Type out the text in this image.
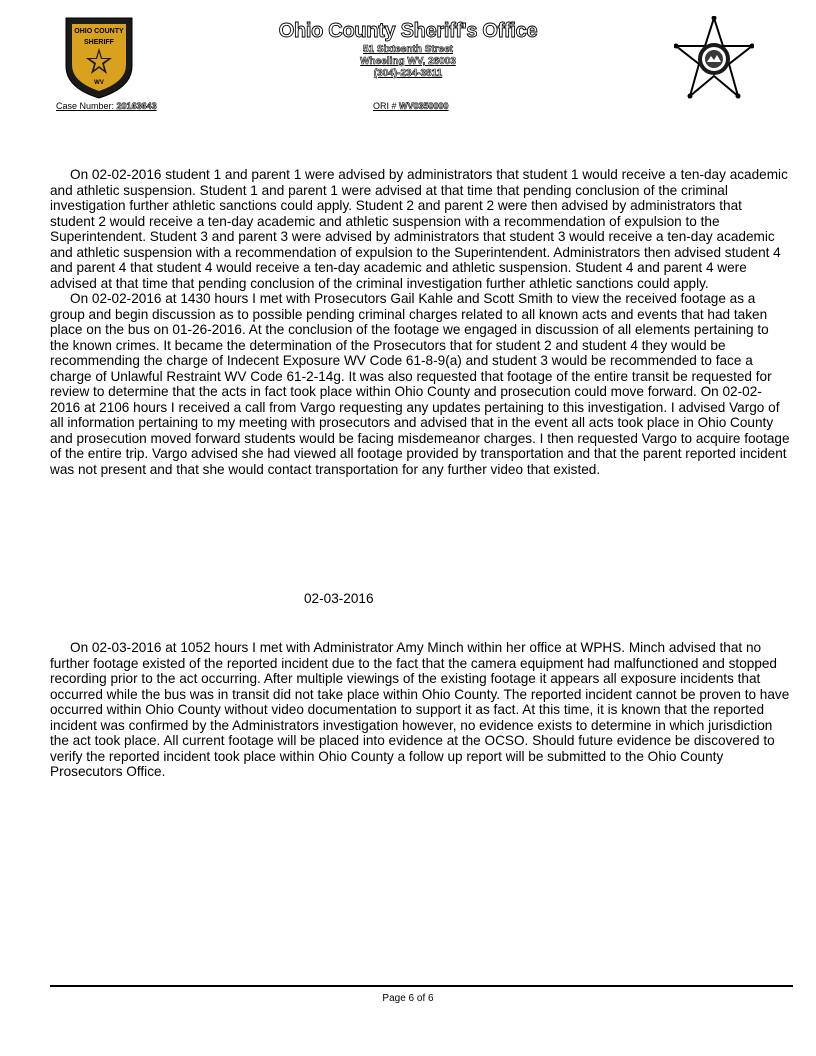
OHIO COUNTY
SHERIFF
WV
Case Number: 20163643
Ohio County Sheriff's Office
51 Sixteenth Street
Wheeling WV, 26003
(304)-234-3811
ORI # WV0350000

On 02-02-2016 student 1 and parent 1 were advised by administrators that student 1 would receive a ten-day academic and athletic suspension. Student 1 and parent 1 were advised at that time that pending conclusion of the criminal investigation further athletic sanctions could apply. Student 2 and parent 2 were then advised by administrators that student 2 would receive a ten-day academic and athletic suspension with a recommendation of expulsion to the Superintendent. Student 3 and parent 3 were advised by administrators that student 3 would receive a ten-day academic and athletic suspension with a recommendation of expulsion to the Superintendent. Administrators then advised student 4 and parent 4 that student 4 would receive a ten-day academic and athletic suspension. Student 4 and parent 4 were advised at that time that pending conclusion of the criminal investigation further athletic sanctions could apply.

On 02-02-2016 at 1430 hours I met with Prosecutors Gail Kahle and Scott Smith to view the received footage as a group and begin discussion as to possible pending criminal charges related to all known acts and events that had taken place on the bus on 01-26-2016. At the conclusion of the footage we engaged in discussion of all elements pertaining to the known crimes. It became the determination of the Prosecutors that for student 2 and student 4 they would be recommending the charge of Indecent Exposure WV Code 61-8-9(a) and student 3 would be recommended to face a charge of Unlawful Restraint WV Code 61-2-14g. It was also requested that footage of the entire transit be requested for review to determine that the acts in fact took place within Ohio County and prosecution could move forward. On 02-02-2016 at 2106 hours I received a call from Vargo requesting any updates pertaining to this investigation. I advised Vargo of all information pertaining to my meeting with prosecutors and advised that in the event all acts took place in Ohio County and prosecution moved forward students would be facing misdemeanor charges. I then requested Vargo to acquire footage of the entire trip. Vargo advised she had viewed all footage provided by transportation and that the parent reported incident was not present and that she would contact transportation for any further video that existed.

02-03-2016

On 02-03-2016 at 1052 hours I met with Administrator Amy Minch within her office at WPHS. Minch advised that no further footage existed of the reported incident due to the fact that the camera equipment had malfunctioned and stopped recording prior to the act occurring. After multiple viewings of the existing footage it appears all exposure incidents that occurred while the bus was in transit did not take place within Ohio County. The reported incident cannot be proven to have occurred within Ohio County without video documentation to support it as fact. At this time, it is known that the reported incident was confirmed by the Administrators investigation however, no evidence exists to determine in which jurisdiction the act took place. All current footage will be placed into evidence at the OCSO. Should future evidence be discovered to verify the reported incident took place within Ohio County a follow up report will be submitted to the Ohio County Prosecutors Office.

Page 6 of 6
